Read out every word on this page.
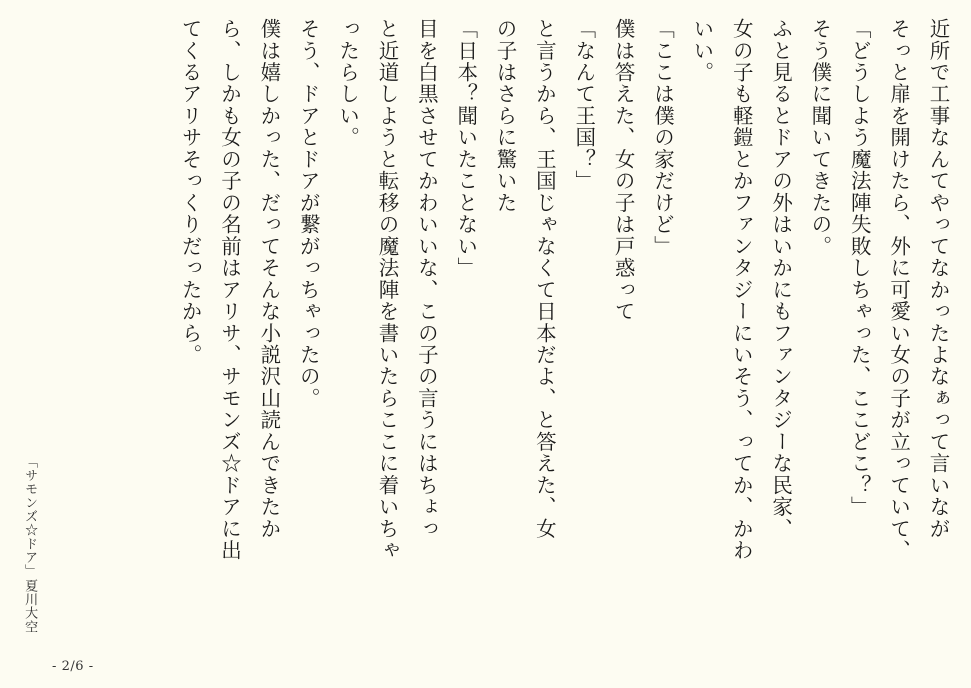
近所で工事なんてやってなかったよなぁって言いなが

そっと扉を開けたら、外に可愛い女の子が立っていて、

「どうしよう魔法陣失敗しちゃった、ここどこ？」

そう僕に聞いてきたの。

ふと見るとドアの外はいかにもファンタジーな民家、

女の子も軽鎧とかファンタジーにいそう、ってか、かわ

いい。

「ここは僕の家だけど」

僕は答えた、女の子は戸惑って

「なんて王国？」

と言うから、王国じゃなくて日本だよ、と答えた、女

の子はさらに驚いた

「日本？聞いたことない」

目を白黒させてかわいいな、この子の言うにはちょっ

と近道しようと転移の魔法陣を書いたらここに着いちゃ

ったらしい。

そう、ドアとドアが繋がっちゃったの。

僕は嬉しかった、だってそんな小説沢山読んできたか

ら、しかも女の子の名前はアリサ、サモンズ☆ドアに出

てくるアリサそっくりだったから。

「サモンズ☆ドア」
夏川大空
- 2/6 -
